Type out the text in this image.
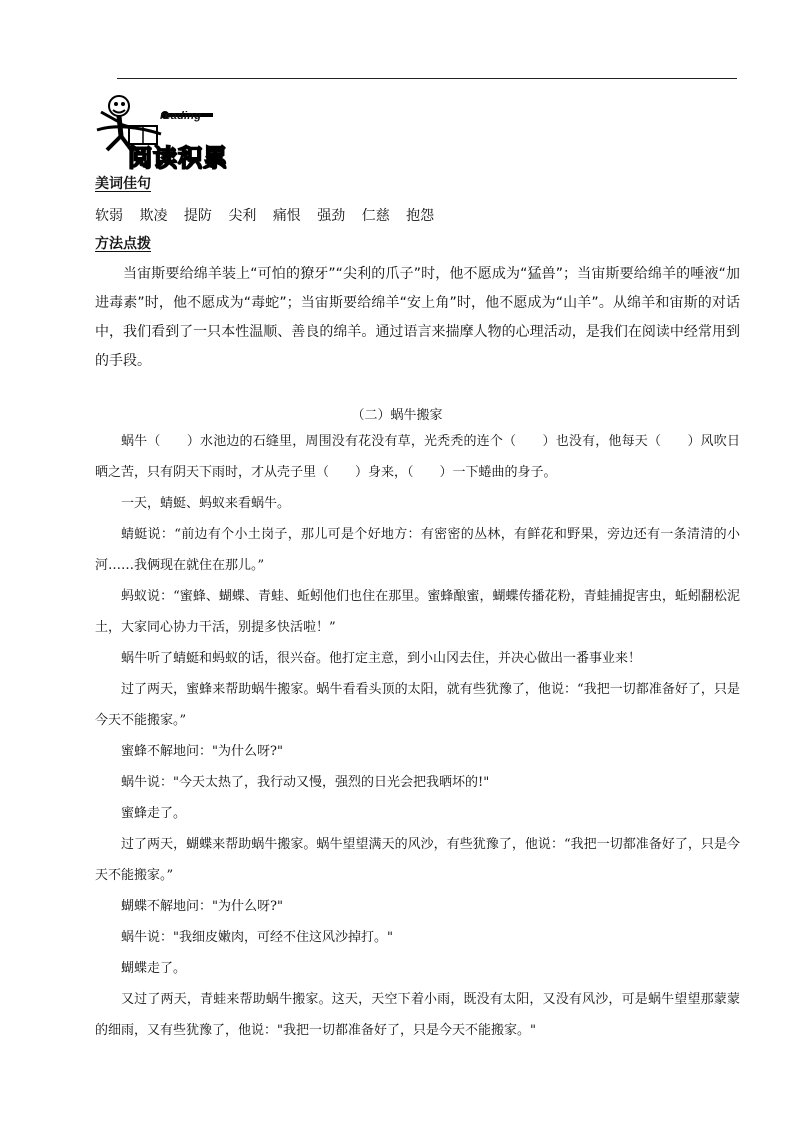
reading
阅读积累
美词佳句
软弱 欺凌 提防 尖利 痛恨 强劲 仁慈 抱怨
方法点拨
当宙斯要给绵羊装上“可怕的獠牙”“尖利的爪子”时，他不愿成为“猛兽”；当宙斯要给绵羊的唾液“加进毒素”时，他不愿成为“毒蛇”；当宙斯要给绵羊“安上角”时，他不愿成为“山羊”。从绵羊和宙斯的对话中，我们看到了一只本性温顺、善良的绵羊。通过语言来揣摩人物的心理活动，是我们在阅读中经常用到的手段。
（二）蜗牛搬家

蜗牛（　　）水池边的石缝里，周围没有花没有草，光秃秃的连个（　　）也没有，他每天（　　）风吹日晒之苦，只有阴天下雨时，才从壳子里（　　）身来，（　　）一下蜷曲的身子。

一天，蜻蜓、蚂蚁来看蜗牛。

蜻蜓说：“前边有个小土岗子，那儿可是个好地方：有密密的丛林，有鲜花和野果，旁边还有一条清清的小河……我俩现在就住在那儿。”

蚂蚁说：“蜜蜂、蝴蝶、青蛙、蚯蚓他们也住在那里。蜜蜂酿蜜，蝴蝶传播花粉，青蛙捕捉害虫，蚯蚓翻松泥土，大家同心协力干活，别提多快活啦！”

蜗牛听了蜻蜓和蚂蚁的话，很兴奋。他打定主意，到小山冈去住，并决心做出一番事业来！

过了两天，蜜蜂来帮助蜗牛搬家。蜗牛看看头顶的太阳，就有些犹豫了，他说：“我把一切都准备好了，只是今天不能搬家。”

蜜蜂不解地问："为什么呀?"

蜗牛说："今天太热了，我行动又慢，强烈的日光会把我晒坏的!"

蜜蜂走了。

过了两天，蝴蝶来帮助蜗牛搬家。蜗牛望望满天的风沙，有些犹豫了，他说：“我把一切都准备好了，只是今天不能搬家。”

蝴蝶不解地问："为什么呀?"

蜗牛说："我细皮嫩肉，可经不住这风沙掉打。"

蝴蝶走了。

又过了两天，青蛙来帮助蜗牛搬家。这天，天空下着小雨，既没有太阳，又没有风沙，可是蜗牛望望那蒙蒙的细雨，又有些犹豫了，他说："我把一切都准备好了，只是今天不能搬家。"
